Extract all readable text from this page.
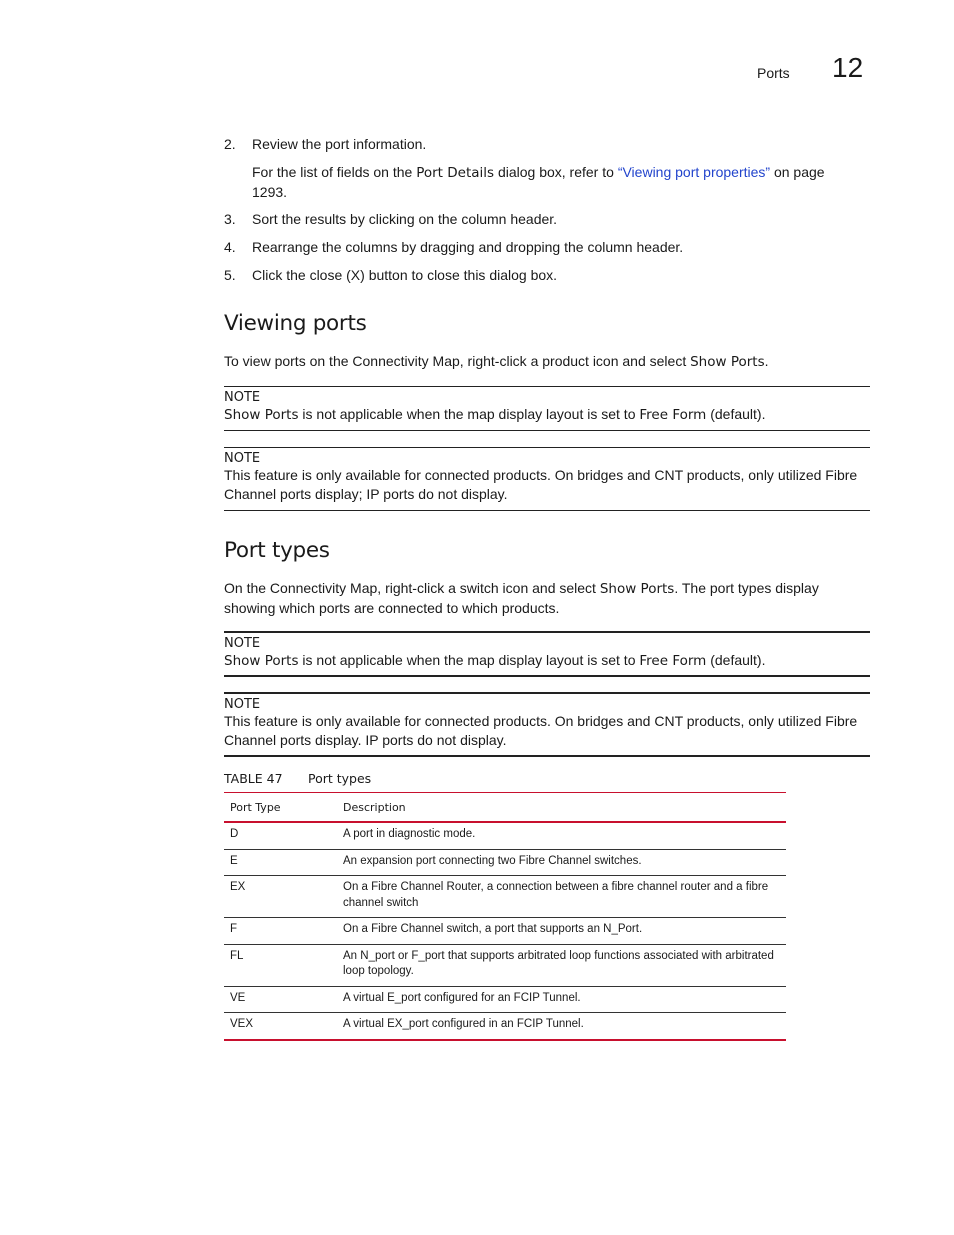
Ports 12
2.	Review the port information.
For the list of fields on the Port Details dialog box, refer to “Viewing port properties” on page 1293.
3.	Sort the results by clicking on the column header.
4.	Rearrange the columns by dragging and dropping the column header.
5.	Click the close (X) button to close this dialog box.
Viewing ports
To view ports on the Connectivity Map, right-click a product icon and select Show Ports.
NOTE
Show Ports is not applicable when the map display layout is set to Free Form (default).
NOTE
This feature is only available for connected products. On bridges and CNT products, only utilized Fibre Channel ports display; IP ports do not display.
Port types
On the Connectivity Map, right-click a switch icon and select Show Ports. The port types display showing which ports are connected to which products.
NOTE
Show Ports is not applicable when the map display layout is set to Free Form (default).
NOTE
This feature is only available for connected products. On bridges and CNT products, only utilized Fibre Channel ports display. IP ports do not display.
TABLE 47 Port types
Port Type	Description
D	A port in diagnostic mode.
E	An expansion port connecting two Fibre Channel switches.
EX	On a Fibre Channel Router, a connection between a fibre channel router and a fibre channel switch
F	On a Fibre Channel switch, a port that supports an N_Port.
FL	An N_port or F_port that supports arbitrated loop functions associated with arbitrated loop topology.
VE	A virtual E_port configured for an FCIP Tunnel.
VEX	A virtual EX_port configured in an FCIP Tunnel.
